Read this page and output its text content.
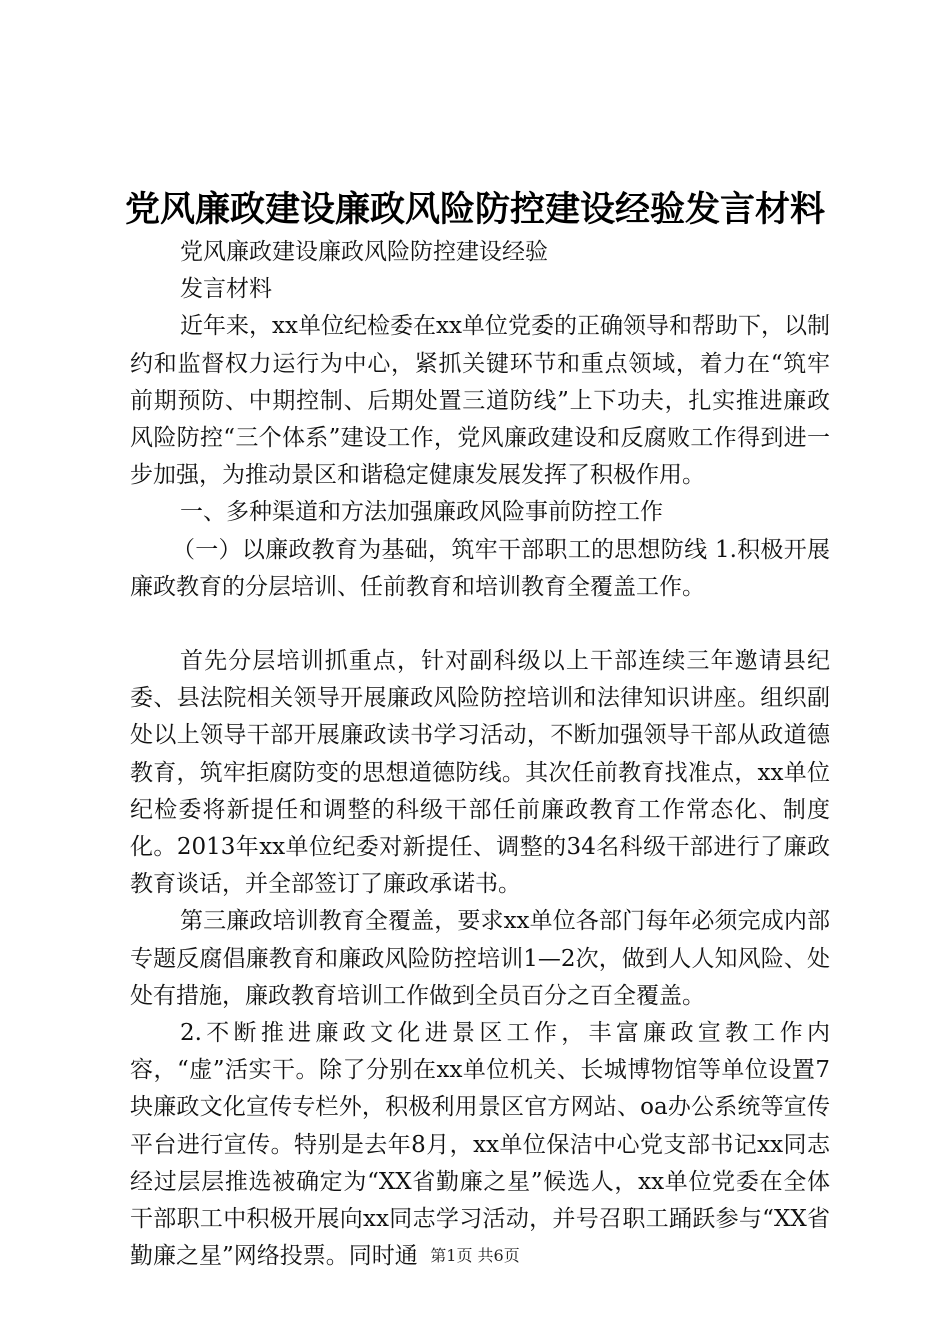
党风廉政建设廉政风险防控建设经验发言材料

党风廉政建设廉政风险防控建设经验

发言材料

近年来，xx单位纪检委在xx单位党委的正确领导和帮助下，以制约和监督权力运行为中心，紧抓关键环节和重点领域，着力在“筑牢前期预防、中期控制、后期处置三道防线”上下功夫，扎实推进廉政风险防控“三个体系”建设工作，党风廉政建设和反腐败工作得到进一步加强，为推动景区和谐稳定健康发展发挥了积极作用。

一、多种渠道和方法加强廉政风险事前防控工作

（一）以廉政教育为基础，筑牢干部职工的思想防线 1.积极开展廉政教育的分层培训、任前教育和培训教育全覆盖工作。

首先分层培训抓重点，针对副科级以上干部连续三年邀请县纪委、县法院相关领导开展廉政风险防控培训和法律知识讲座。组织副处以上领导干部开展廉政读书学习活动，不断加强领导干部从政道德教育，筑牢拒腐防变的思想道德防线。其次任前教育找准点，xx单位纪检委将新提任和调整的科级干部任前廉政教育工作常态化、制度化。2013年xx单位纪委对新提任、调整的34名科级干部进行了廉政教育谈话，并全部签订了廉政承诺书。

第三廉政培训教育全覆盖，要求xx单位各部门每年必须完成内部专题反腐倡廉教育和廉政风险防控培训1—2次，做到人人知风险、处处有措施，廉政教育培训工作做到全员百分之百全覆盖。

2.不断推进廉政文化进景区工作，丰富廉政宣教工作内容，“虚”活实干。除了分别在xx单位机关、长城博物馆等单位设置7块廉政文化宣传专栏外，积极利用景区官方网站、oa办公系统等宣传平台进行宣传。特别是去年8月，xx单位保洁中心党支部书记xx同志经过层层推选被确定为“XX省勤廉之星”候选人，xx单位党委在全体干部职工中积极开展向xx同志学习活动，并号召职工踊跃参与“XX省勤廉之星”网络投票。同时通 第1页 共6页
